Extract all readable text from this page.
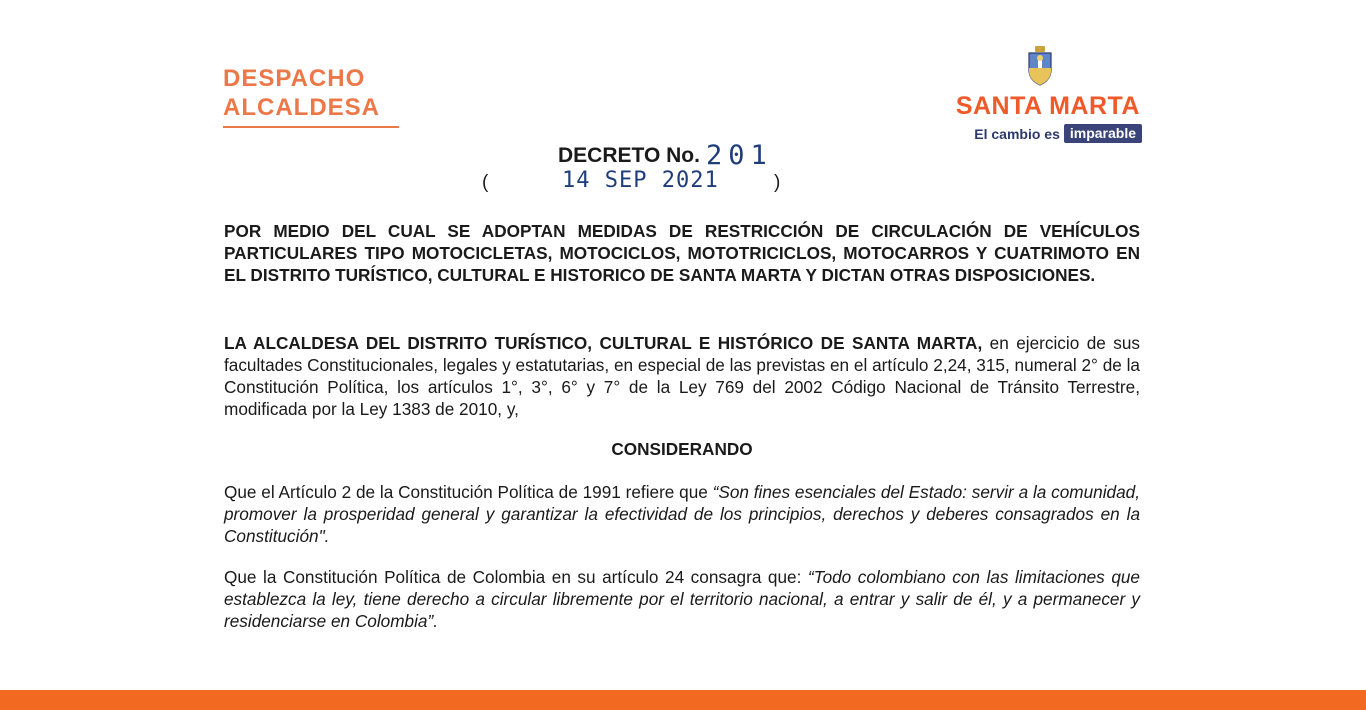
DESPACHO
ALCALDESA	SANTA MARTA
El cambio es imparable
DECRETO No. 201
(	14 SEP 2021	)
POR MEDIO DEL CUAL SE ADOPTAN MEDIDAS DE RESTRICCIÓN DE CIRCULACIÓN DE VEHÍCULOS PARTICULARES TIPO MOTOCICLETAS, MOTOCICLOS, MOTOTRICICLOS, MOTOCARROS Y CUATRIMOTO EN EL DISTRITO TURÍSTICO, CULTURAL E HISTORICO DE SANTA MARTA Y DICTAN OTRAS DISPOSICIONES.
LA ALCALDESA DEL DISTRITO TURÍSTICO, CULTURAL E HISTÓRICO DE SANTA MARTA, en ejercicio de sus facultades Constitucionales, legales y estatutarias, en especial de las previstas en el artículo 2,24, 315, numeral 2° de la Constitución Política, los artículos 1°, 3°, 6° y 7° de la Ley 769 del 2002 Código Nacional de Tránsito Terrestre, modificada por la Ley 1383 de 2010, y,
CONSIDERANDO
Que el Artículo 2 de la Constitución Política de 1991 refiere que “Son fines esenciales del Estado: servir a la comunidad, promover la prosperidad general y garantizar la efectividad de los principios, derechos y deberes consagrados en la Constitución".
Que la Constitución Política de Colombia en su artículo 24 consagra que: “Todo colombiano con las limitaciones que establezca la ley, tiene derecho a circular libremente por el territorio nacional, a entrar y salir de él, y a permanecer y residenciarse en Colombia”.
